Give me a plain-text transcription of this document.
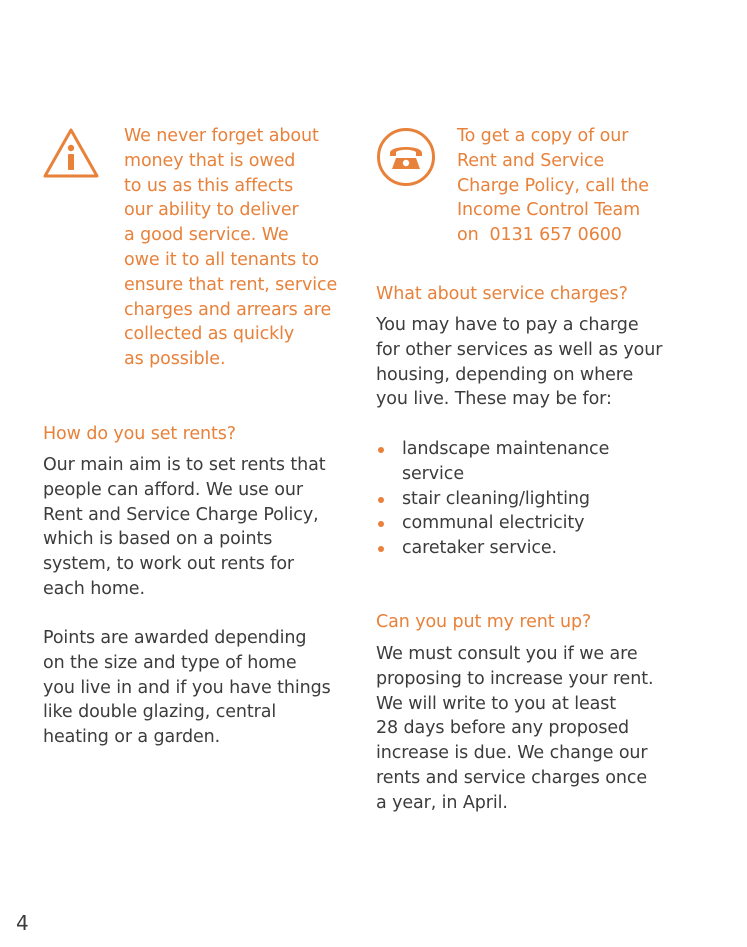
We never forget about
money that is owed
to us as this affects
our ability to deliver
a good service. We
owe it to all tenants to
ensure that rent, service
charges and arrears are
collected as quickly
as possible.
To get a copy of our
Rent and Service
Charge Policy, call the
Income Control Team
on  0131 657 0600
How do you set rents?
Our main aim is to set rents that
people can afford. We use our
Rent and Service Charge Policy,
which is based on a points
system, to work out rents for
each home.
Points are awarded depending
on the size and type of home
you live in and if you have things
like double glazing, central
heating or a garden.
What about service charges?
You may have to pay a charge
for other services as well as your
housing, depending on where
you live. These may be for:
landscape maintenance
service
stair cleaning/lighting
communal electricity
caretaker service.
Can you put my rent up?
We must consult you if we are
proposing to increase your rent.
We will write to you at least
28 days before any proposed
increase is due. We change our
rents and service charges once
a year, in April.
4
